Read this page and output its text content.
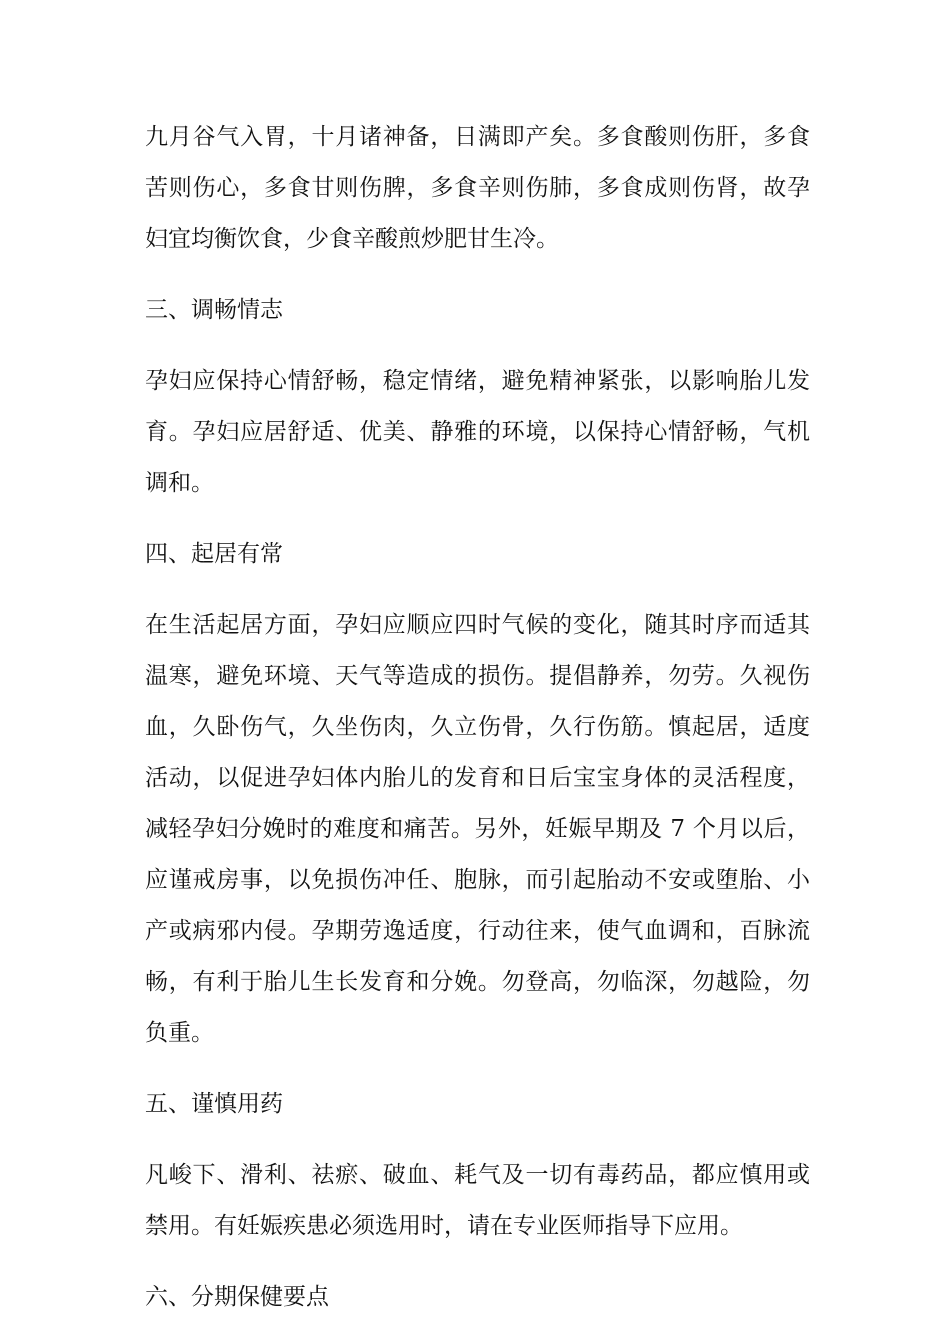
九月谷气入胃，十月诸神备，日满即产矣。多食酸则伤肝，多食苦则伤心，多食甘则伤脾，多食辛则伤肺，多食成则伤肾，故孕妇宜均衡饮食，少食辛酸煎炒肥甘生冷。

三、调畅情志

孕妇应保持心情舒畅，稳定情绪，避免精神紧张，以影响胎儿发育。孕妇应居舒适、优美、静雅的环境，以保持心情舒畅，气机调和。

四、起居有常

在生活起居方面，孕妇应顺应四时气候的变化，随其时序而适其温寒，避免环境、天气等造成的损伤。提倡静养，勿劳。久视伤血，久卧伤气，久坐伤肉，久立伤骨，久行伤筋。慎起居，适度活动，以促进孕妇体内胎儿的发育和日后宝宝身体的灵活程度，减轻孕妇分娩时的难度和痛苦。另外，妊娠早期及 7 个月以后，应谨戒房事，以免损伤冲任、胞脉，而引起胎动不安或堕胎、小产或病邪内侵。孕期劳逸适度，行动往来，使气血调和，百脉流畅，有利于胎儿生长发育和分娩。勿登高，勿临深，勿越险，勿负重。

五、谨慎用药

凡峻下、滑利、祛瘀、破血、耗气及一切有毒药品，都应慎用或禁用。有妊娠疾患必须选用时，请在专业医师指导下应用。

六、分期保健要点
